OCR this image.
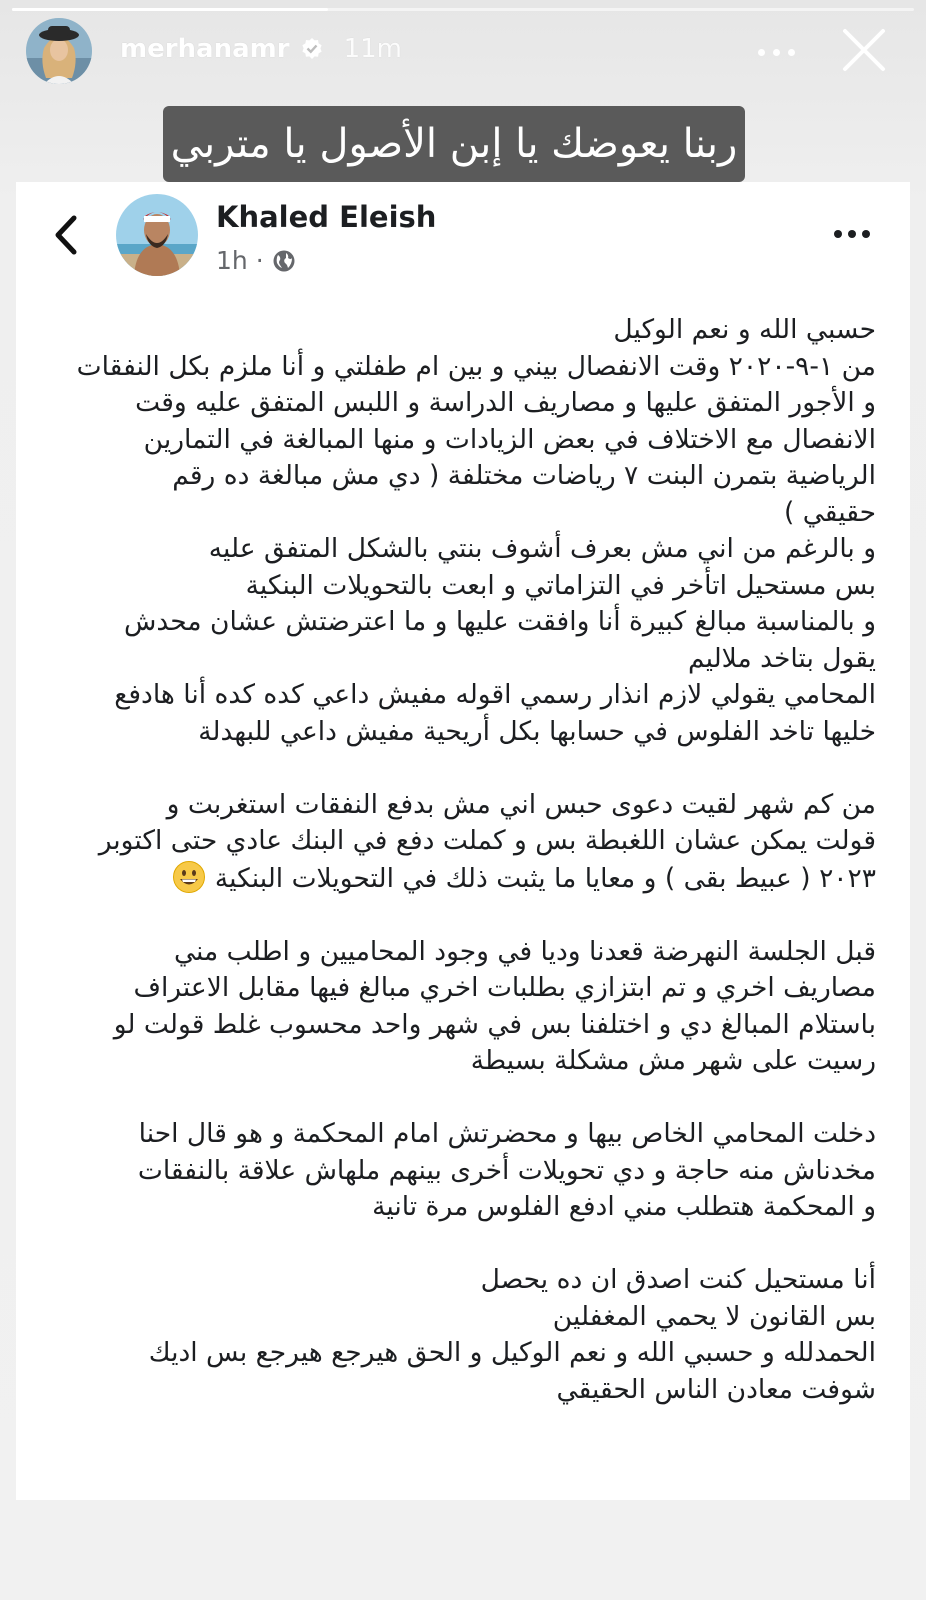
merhanamr 11m
ربنا يعوضك يا إبن الأصول يا متربي
Khaled Eleish
1h ·

حسبي الله و نعم الوكيل

من ١-٩-٢٠٢٠ وقت الانفصال بيني و بين ام طفلتي و أنا ملزم بكل النفقات

و الأجور المتفق عليها و مصاريف الدراسة و اللبس المتفق عليه وقت

الانفصال مع الاختلاف في بعض الزيادات و منها المبالغة في التمارين

الرياضية بتمرن البنت ٧ رياضات مختلفة ( دي مش مبالغة ده رقم

حقيقي )

و بالرغم من اني مش بعرف أشوف بنتي بالشكل المتفق عليه

بس مستحيل اتأخر في التزاماتي و ابعت بالتحويلات البنكية

و بالمناسبة مبالغ كبيرة أنا وافقت عليها و ما اعترضتش عشان محدش

يقول بتاخد ملاليم

المحامي يقولي لازم انذار رسمي اقوله مفيش داعي كده كده أنا هادفع

خليها تاخد الفلوس في حسابها بكل أريحية مفيش داعي للبهدلة

من كم شهر لقيت دعوى حبس اني مش بدفع النفقات استغربت و

قولت يمكن عشان اللغبطة بس و كملت دفع في البنك عادي حتى اكتوبر

٢٠٢٣ ( عبيط بقى ) و معايا ما يثبت ذلك في التحويلات البنكية

قبل الجلسة النهرضة قعدنا وديا في وجود المحاميين و اطلب مني

مصاريف اخري و تم ابتزازي بطلبات اخري مبالغ فيها مقابل الاعتراف

باستلام المبالغ دي و اختلفنا بس في شهر واحد محسوب غلط قولت لو

رسيت على شهر مش مشكلة بسيطة

دخلت المحامي الخاص بيها و محضرتش امام المحكمة و هو قال احنا

مخدناش منه حاجة و دي تحويلات أخرى بينهم ملهاش علاقة بالنفقات

و المحكمة هتطلب مني ادفع الفلوس مرة تانية

أنا مستحيل كنت اصدق ان ده يحصل

بس القانون لا يحمي المغفلين

الحمدلله و حسبي الله و نعم الوكيل و الحق هيرجع هيرجع بس اديك

شوفت معادن الناس الحقيقي
